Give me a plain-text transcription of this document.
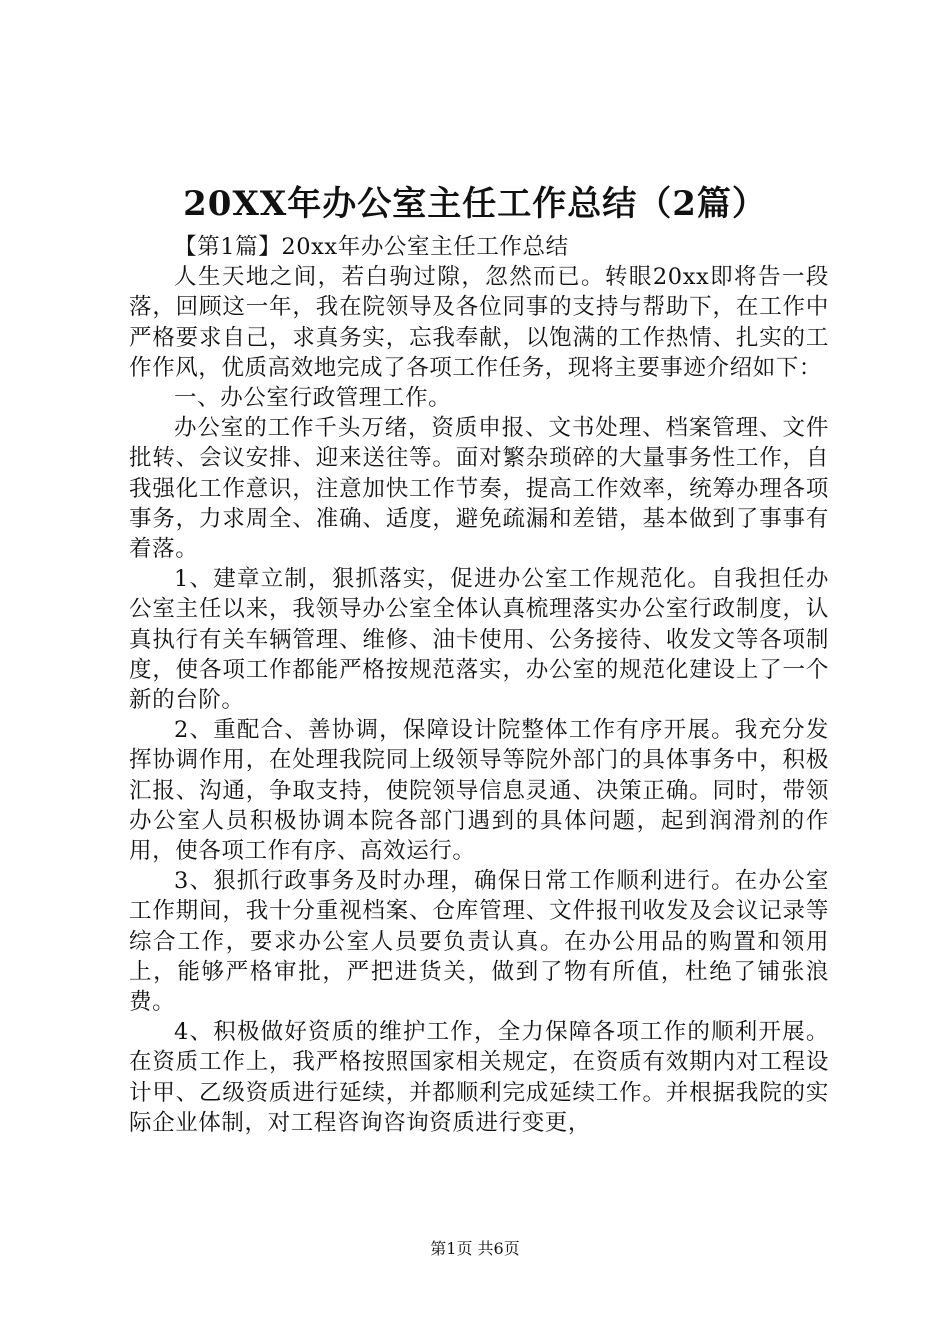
20XX年办公室主任工作总结（2篇）

【第1篇】20xx年办公室主任工作总结

人生天地之间，若白驹过隙，忽然而已。转眼20xx即将告一段落，回顾这一年，我在院领导及各位同事的支持与帮助下，在工作中严格要求自己，求真务实，忘我奉献，以饱满的工作热情、扎实的工作作风，优质高效地完成了各项工作任务，现将主要事迹介绍如下：

一、办公室行政管理工作。

办公室的工作千头万绪，资质申报、文书处理、档案管理、文件批转、会议安排、迎来送往等。面对繁杂琐碎的大量事务性工作，自我强化工作意识，注意加快工作节奏，提高工作效率，统筹办理各项事务，力求周全、准确、适度，避免疏漏和差错，基本做到了事事有着落。

1、建章立制，狠抓落实，促进办公室工作规范化。自我担任办公室主任以来，我领导办公室全体认真梳理落实办公室行政制度，认真执行有关车辆管理、维修、油卡使用、公务接待、收发文等各项制度，使各项工作都能严格按规范落实，办公室的规范化建设上了一个新的台阶。

2、重配合、善协调，保障设计院整体工作有序开展。我充分发挥协调作用，在处理我院同上级领导等院外部门的具体事务中，积极汇报、沟通，争取支持，使院领导信息灵通、决策正确。同时，带领办公室人员积极协调本院各部门遇到的具体问题，起到润滑剂的作用，使各项工作有序、高效运行。

3、狠抓行政事务及时办理，确保日常工作顺利进行。在办公室工作期间，我十分重视档案、仓库管理、文件报刊收发及会议记录等综合工作，要求办公室人员要负责认真。在办公用品的购置和领用上，能够严格审批，严把进货关，做到了物有所值，杜绝了铺张浪费。

4、积极做好资质的维护工作，全力保障各项工作的顺利开展。在资质工作上，我严格按照国家相关规定，在资质有效期内对工程设计甲、乙级资质进行延续，并都顺利完成延续工作。并根据我院的实际企业体制，对工程咨询咨询资质进行变更，

第1页 共6页
